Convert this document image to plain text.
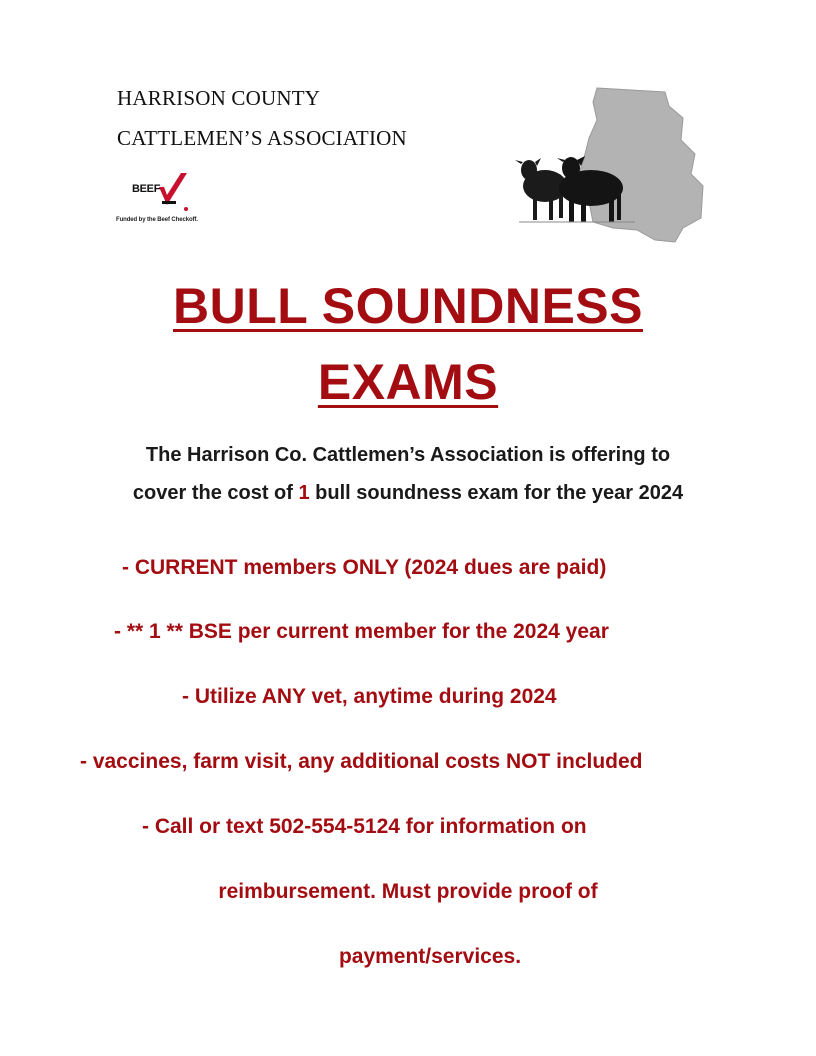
HARRISON COUNTY
CATTLEMEN’S ASSOCIATION
BEEF
Funded by the Beef Checkoff.
BULL SOUNDNESS
EXAMS
The Harrison Co. Cattlemen’s Association is offering to
cover the cost of 1 bull soundness exam for the year 2024
- CURRENT members ONLY (2024 dues are paid)
- ** 1 ** BSE per current member for the 2024 year
- Utilize ANY vet, anytime during 2024
- vaccines, farm visit, any additional costs NOT included
- Call or text 502-554-5124 for information on
reimbursement. Must provide proof of
payment/services.
